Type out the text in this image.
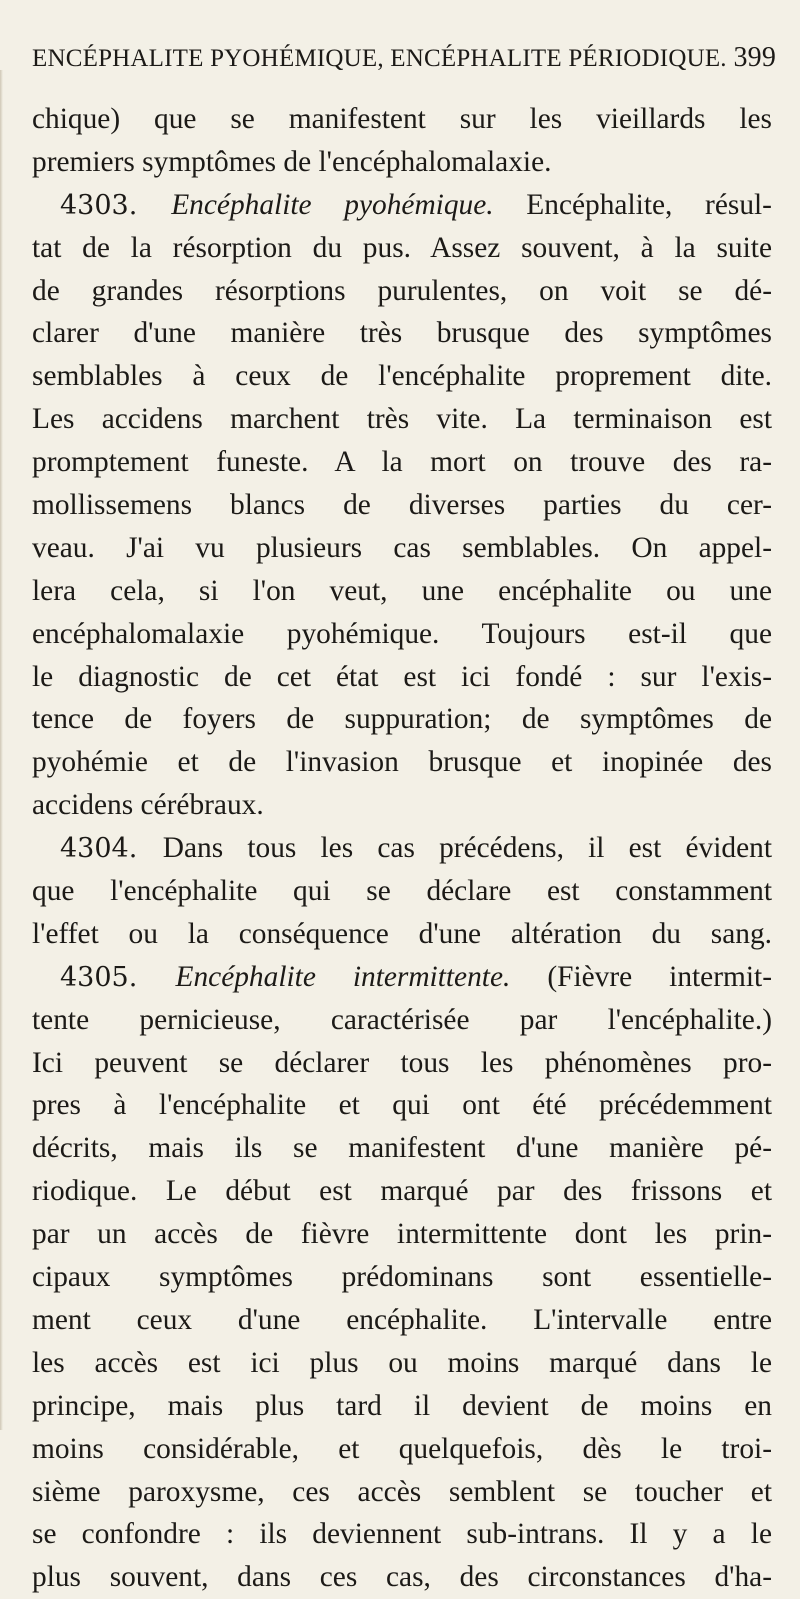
ENCÉPHALITE PYOHÉMIQUE, ENCÉPHALITE PÉRIODIQUE. 399
chique) que se manifestent sur les vieillards les
premiers symptômes de l'encéphalomalaxie.
4303. Encéphalite pyohémique. Encéphalite, résul-
tat de la résorption du pus. Assez souvent, à la suite
de grandes résorptions purulentes, on voit se dé-
clarer d'une manière très brusque des symptômes
semblables à ceux de l'encéphalite proprement dite.
Les accidens marchent très vite. La terminaison est
promptement funeste. A la mort on trouve des ra-
mollissemens blancs de diverses parties du cer-
veau. J'ai vu plusieurs cas semblables. On appel-
lera cela, si l'on veut, une encéphalite ou une
encéphalomalaxie pyohémique. Toujours est-il que
le diagnostic de cet état est ici fondé : sur l'exis-
tence de foyers de suppuration; de symptômes de
pyohémie et de l'invasion brusque et inopinée des
accidens cérébraux.
4304. Dans tous les cas précédens, il est évident
que l'encéphalite qui se déclare est constamment
l'effet ou la conséquence d'une altération du sang.
4305. Encéphalite intermittente. (Fièvre intermit-
tente pernicieuse, caractérisée par l'encéphalite.)
Ici peuvent se déclarer tous les phénomènes pro-
pres à l'encéphalite et qui ont été précédemment
décrits, mais ils se manifestent d'une manière pé-
riodique. Le début est marqué par des frissons et
par un accès de fièvre intermittente dont les prin-
cipaux symptômes prédominans sont essentielle-
ment ceux d'une encéphalite. L'intervalle entre
les accès est ici plus ou moins marqué dans le
principe, mais plus tard il devient de moins en
moins considérable, et quelquefois, dès le troi-
sième paroxysme, ces accès semblent se toucher et
se confondre : ils deviennent sub-intrans. Il y a le
plus souvent, dans ces cas, des circonstances d'ha-
